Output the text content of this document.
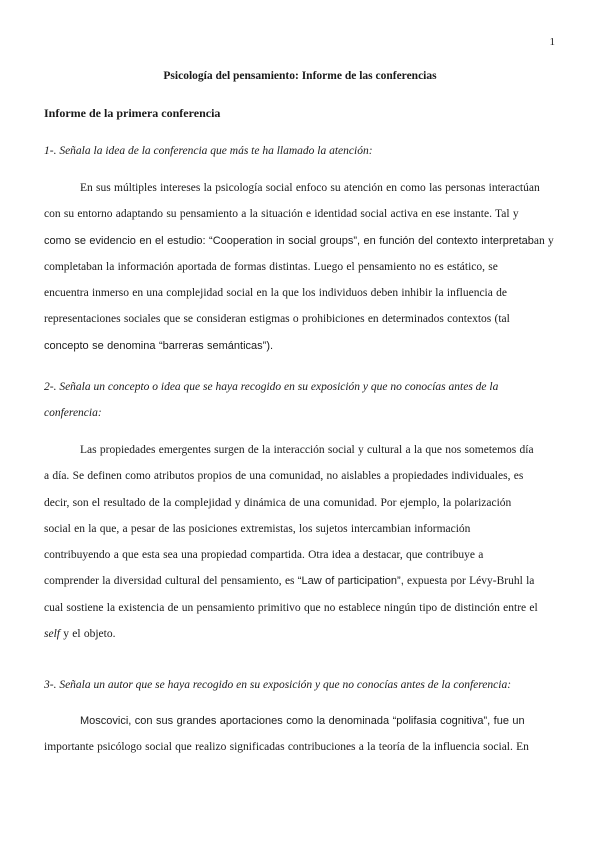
1
Psicología del pensamiento: Informe de las conferencias
Informe de la primera conferencia
1-. Señala la idea de la conferencia que más te ha llamado la atención:
En sus múltiples intereses la psicología social enfoco su atención en como las personas interactúan
con su entorno adaptando su pensamiento a la situación e identidad social activa en ese instante. Tal y
como se evidencio en el estudio: “Cooperation in social groups”, en función del contexto interpretaban y
completaban la información aportada de formas distintas. Luego el pensamiento no es estático, se
encuentra inmerso en una complejidad social en la que los individuos deben inhibir la influencia de
representaciones sociales que se consideran estigmas o prohibiciones en determinados contextos (tal
concepto se denomina “barreras semánticas”).
2-. Señala un concepto o idea que se haya recogido en su exposición y que no conocías antes de la
conferencia:
Las propiedades emergentes surgen de la interacción social y cultural a la que nos sometemos día
a día. Se definen como atributos propios de una comunidad, no aislables a propiedades individuales, es
decir, son el resultado de la complejidad y dinámica de una comunidad. Por ejemplo, la polarización
social en la que, a pesar de las posiciones extremistas, los sujetos intercambian información
contribuyendo a que esta sea una propiedad compartida. Otra idea a destacar, que contribuye a
comprender la diversidad cultural del pensamiento, es “Law of participation”, expuesta por Lévy-Bruhl la
cual sostiene la existencia de un pensamiento primitivo que no establece ningún tipo de distinción entre el
self y el objeto.
3-. Señala un autor que se haya recogido en su exposición y que no conocías antes de la conferencia:
Moscovici, con sus grandes aportaciones como la denominada “polifasia cognitiva”, fue un
importante psicólogo social que realizo significadas contribuciones a la teoría de la influencia social. En
